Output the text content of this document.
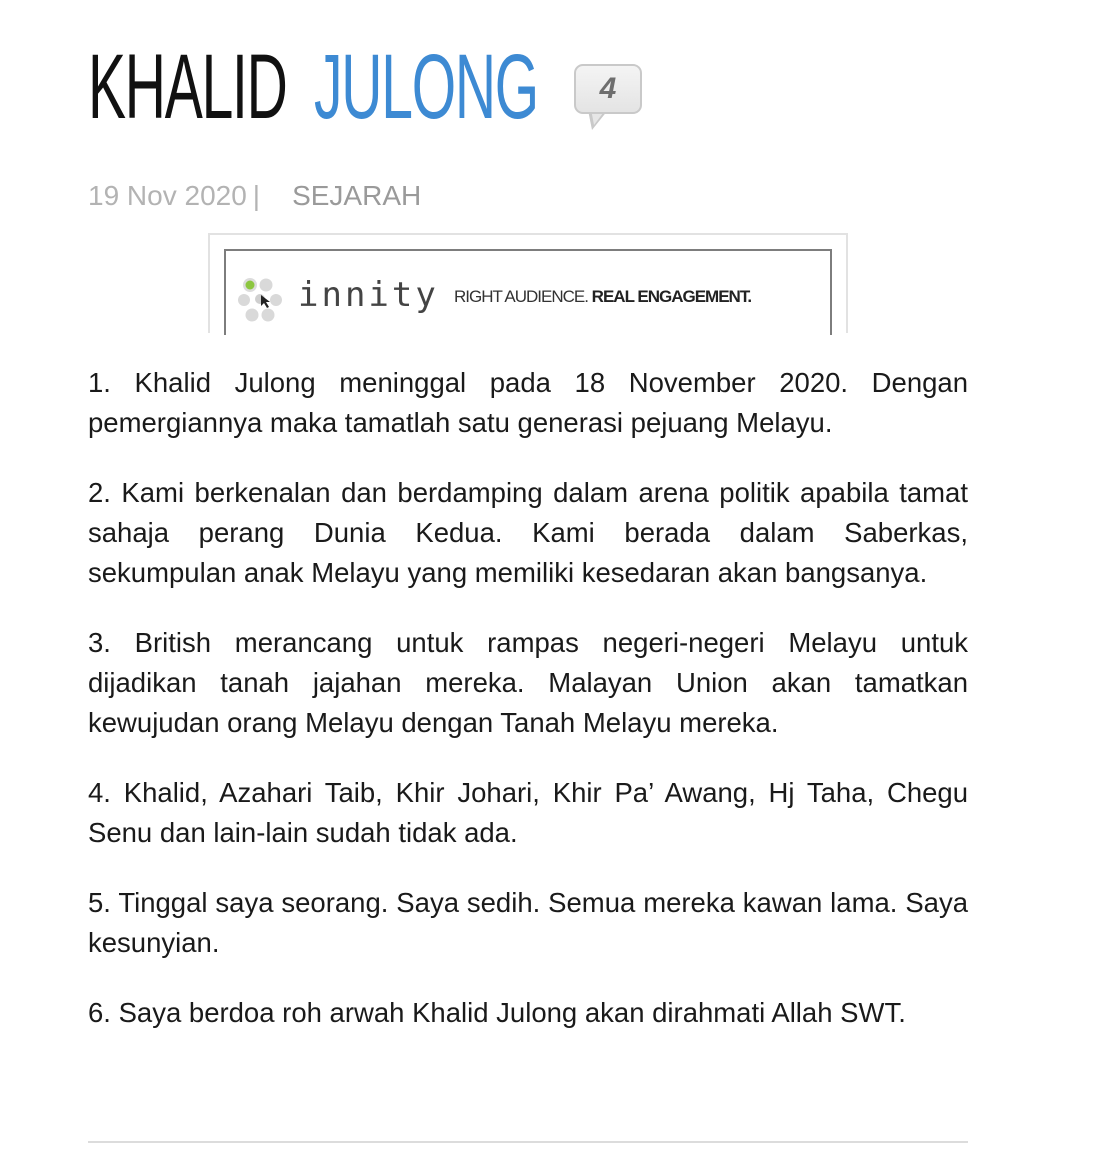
KHALID JULONG 4
19 Nov 2020 | SEJARAH
innity RIGHT AUDIENCE. REAL ENGAGEMENT.

1. Khalid Julong meninggal pada 18 November 2020. Dengan pemergiannya maka tamatlah satu generasi pejuang Melayu.

2. Kami berkenalan dan berdamping dalam arena politik apabila tamat sahaja perang Dunia Kedua. Kami berada dalam Saberkas, sekumpulan anak Melayu yang memiliki kesedaran akan bangsanya.

3. British merancang untuk rampas negeri-negeri Melayu untuk dijadikan tanah jajahan mereka. Malayan Union akan tamatkan kewujudan orang Melayu dengan Tanah Melayu mereka.

4. Khalid, Azahari Taib, Khir Johari, Khir Pa’ Awang, Hj Taha, Chegu Senu dan lain-lain sudah tidak ada.

5. Tinggal saya seorang. Saya sedih. Semua mereka kawan lama. Saya kesunyian.

6. Saya berdoa roh arwah Khalid Julong akan dirahmati Allah SWT.
